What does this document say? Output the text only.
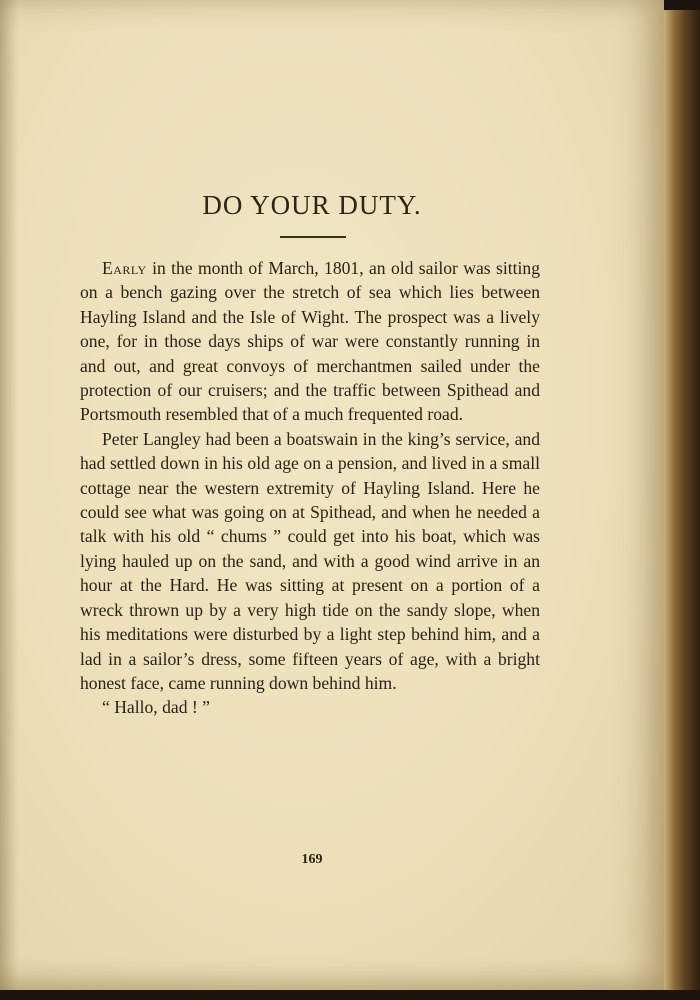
DO YOUR DUTY.

Early in the month of March, 1801, an old sailor was sitting on a bench gazing over the stretch of sea which lies between Hayling Island and the Isle of Wight. The prospect was a lively one, for in those days ships of war were constantly running in and out, and great convoys of merchantmen sailed under the protection of our cruisers; and the traffic between Spithead and Portsmouth resembled that of a much frequented road.

Peter Langley had been a boatswain in the king’s service, and had settled down in his old age on a pension, and lived in a small cottage near the western extremity of Hayling Island. Here he could see what was going on at Spithead, and when he needed a talk with his old “ chums ” could get into his boat, which was lying hauled up on the sand, and with a good wind arrive in an hour at the Hard. He was sitting at present on a portion of a wreck thrown up by a very high tide on the sandy slope, when his meditations were disturbed by a light step behind him, and a lad in a sailor’s dress, some fifteen years of age, with a bright honest face, came running down behind him.

“ Hallo, dad ! ”

169
